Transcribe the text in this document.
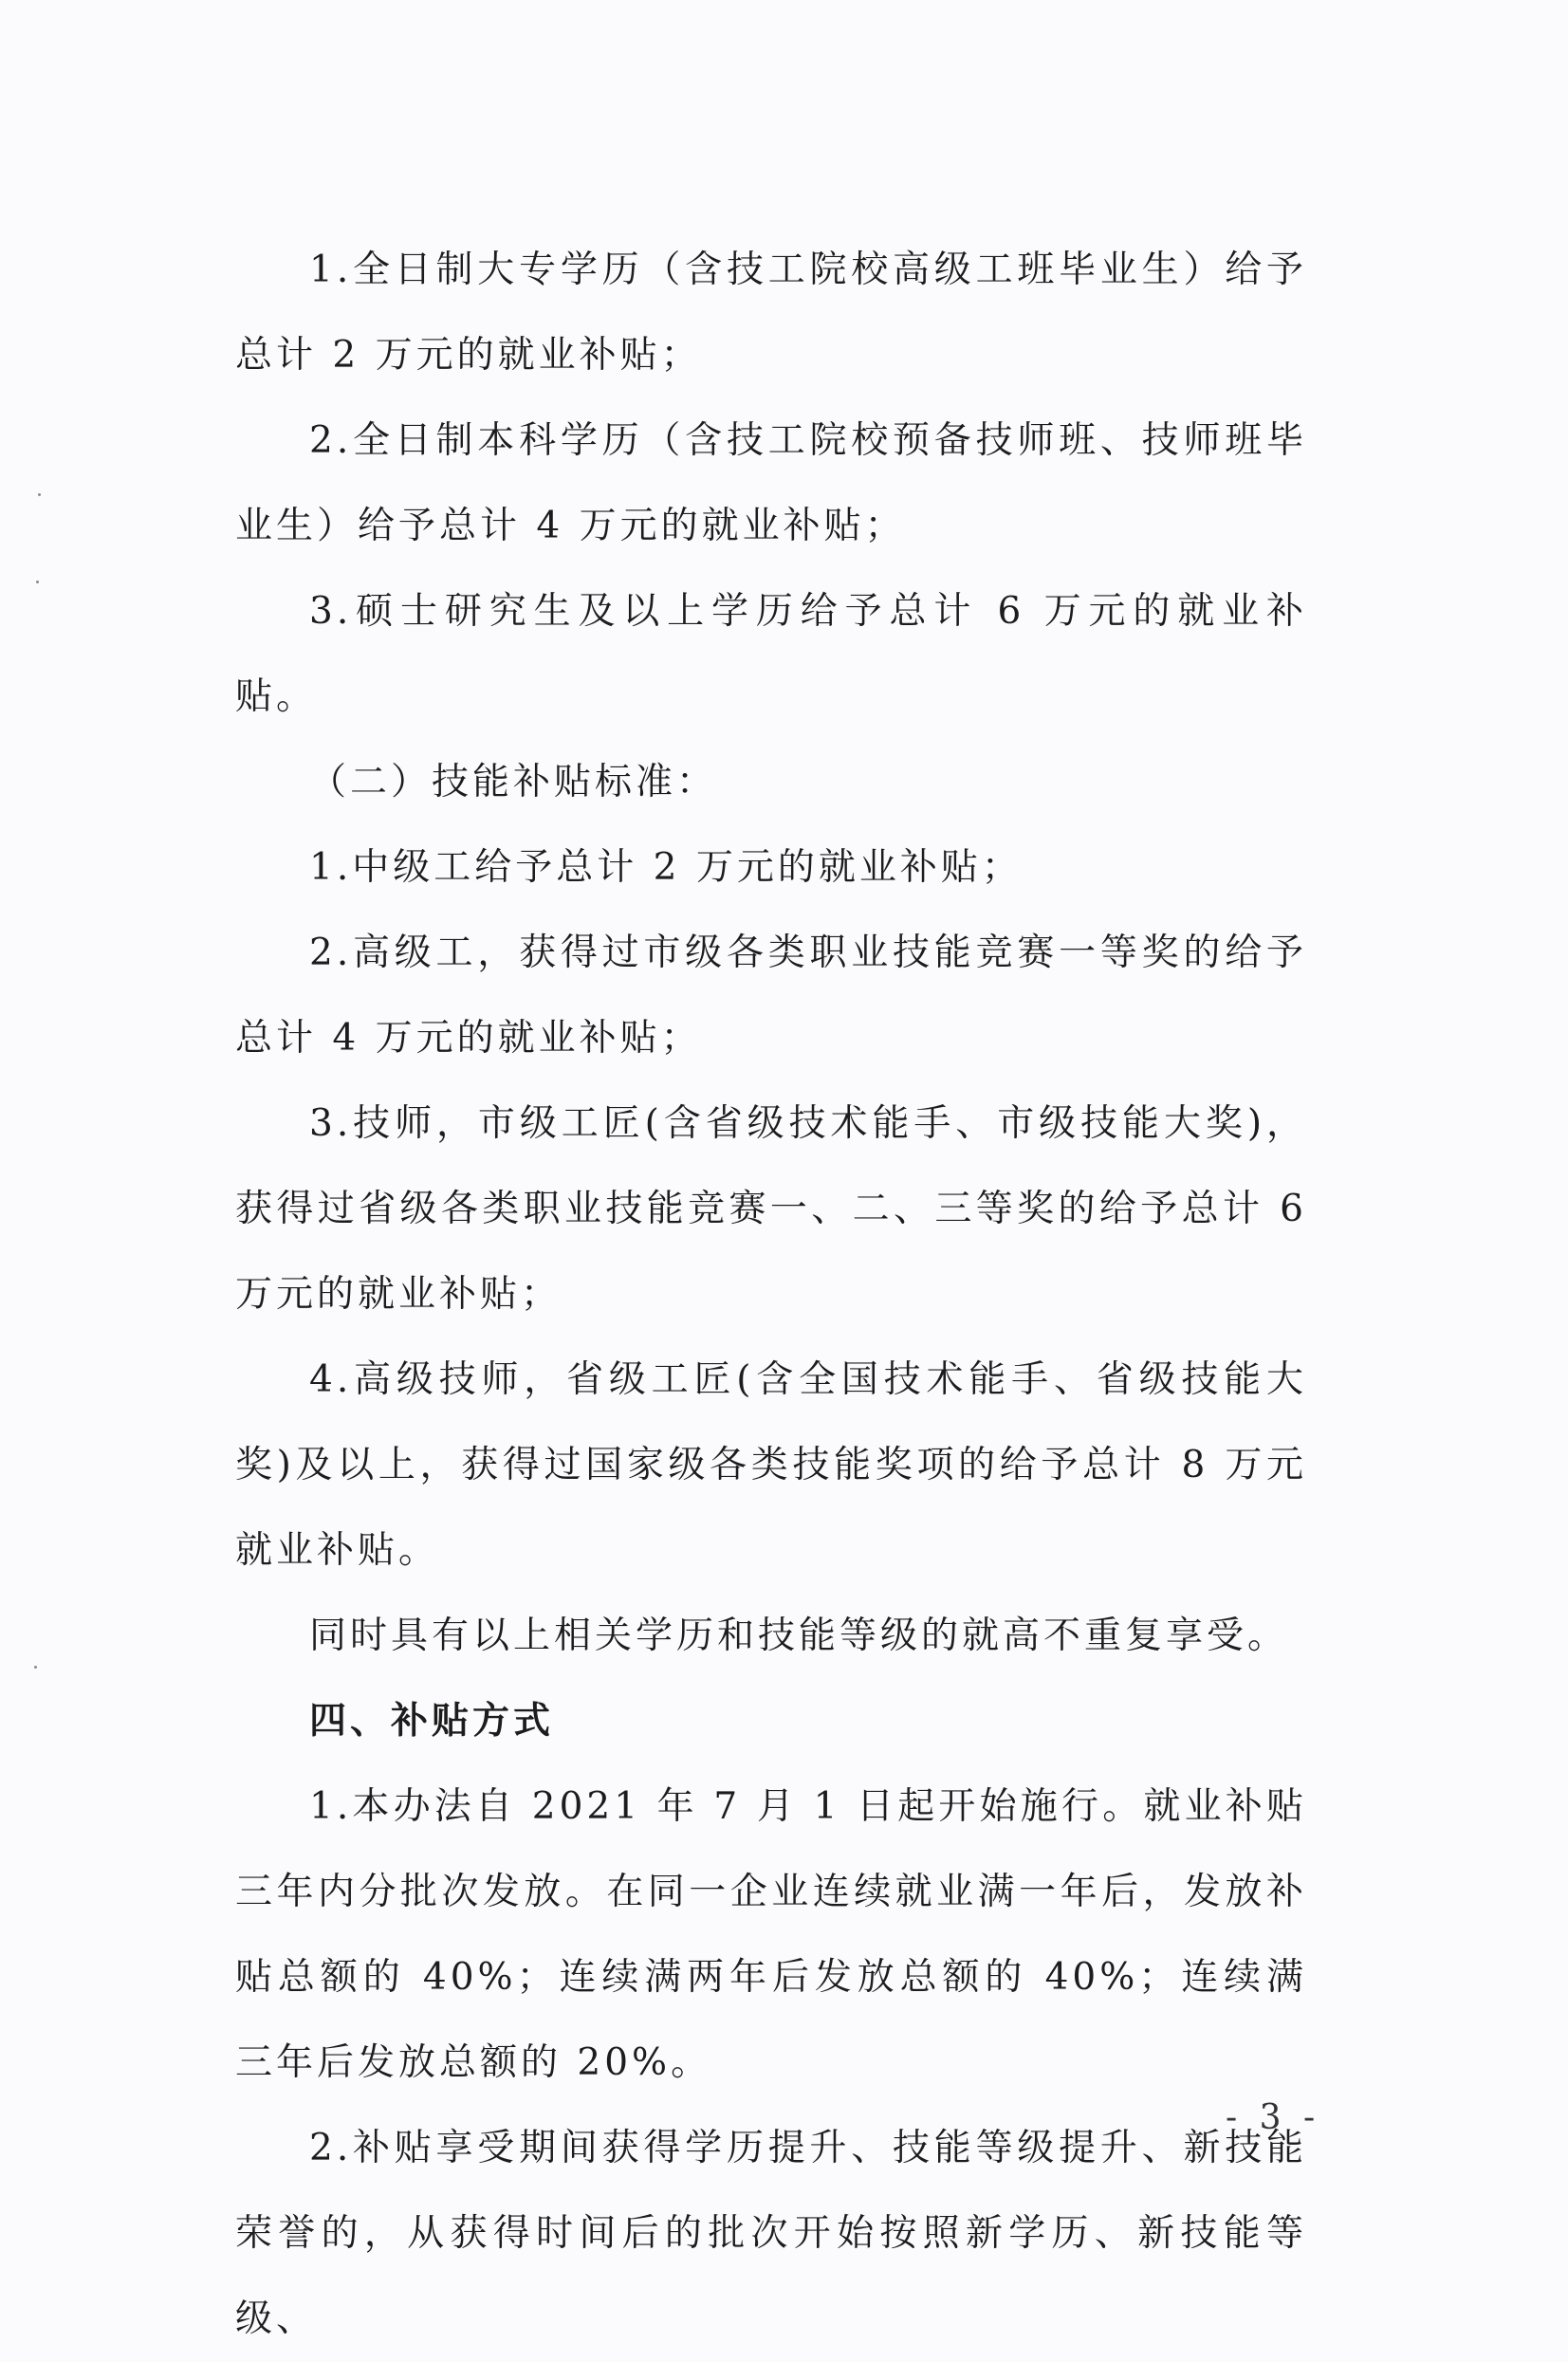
1.全日制大专学历（含技工院校高级工班毕业生）给予总计 2 万元的就业补贴；

2.全日制本科学历（含技工院校预备技师班、技师班毕业生）给予总计 4 万元的就业补贴；

3.硕士研究生及以上学历给予总计 6 万元的就业补贴。

（二）技能补贴标准：

1.中级工给予总计 2 万元的就业补贴；

2.高级工，获得过市级各类职业技能竞赛一等奖的给予总计 4 万元的就业补贴；

3.技师，市级工匠(含省级技术能手、市级技能大奖)，获得过省级各类职业技能竞赛一、二、三等奖的给予总计 6 万元的就业补贴；

4.高级技师，省级工匠(含全国技术能手、省级技能大奖)及以上，获得过国家级各类技能奖项的给予总计 8 万元就业补贴。

同时具有以上相关学历和技能等级的就高不重复享受。

四、补贴方式

1.本办法自 2021 年 7 月 1 日起开始施行。就业补贴三年内分批次发放。在同一企业连续就业满一年后，发放补贴总额的 40%；连续满两年后发放总额的 40%；连续满三年后发放总额的 20%。

2.补贴享受期间获得学历提升、技能等级提升、新技能荣誉的，从获得时间后的批次开始按照新学历、新技能等级、

- 3 -
